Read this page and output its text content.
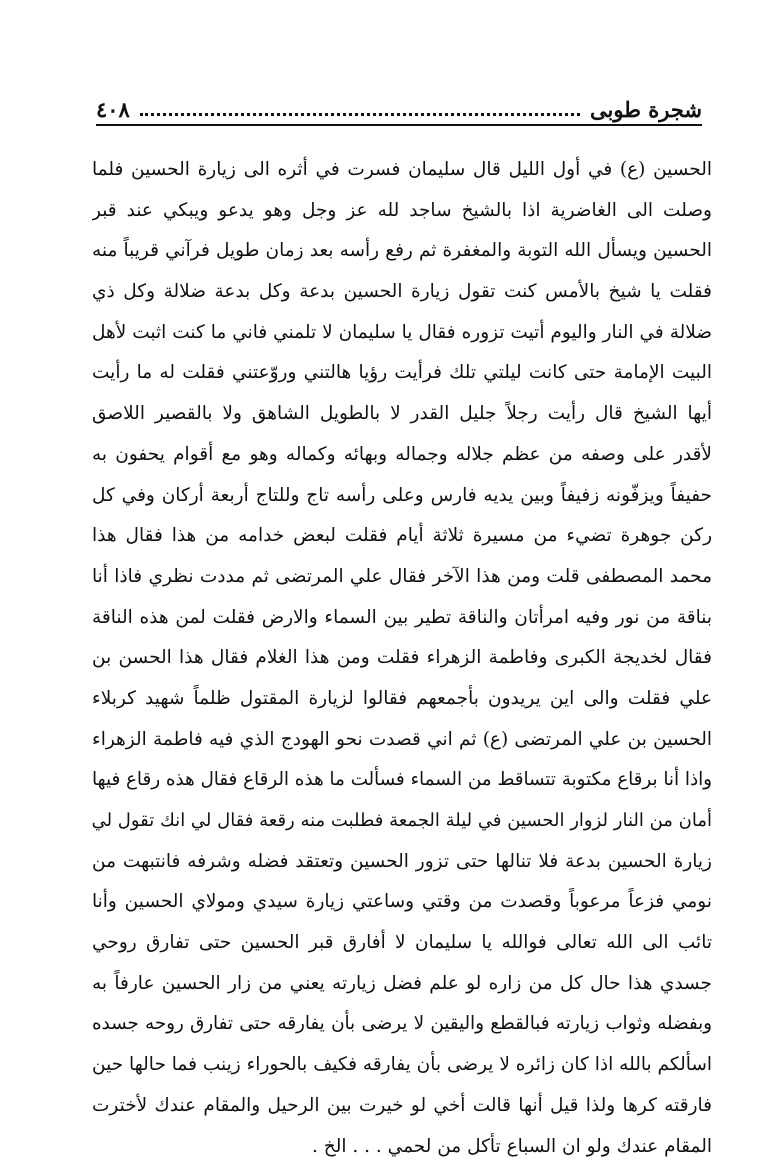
شجرة طوبى
٤٠٨
الحسين (ع) في أول الليل قال سليمان فسرت في أثره الى زيارة الحسين فلما
وصلت الى الغاضرية اذا بالشيخ ساجد لله عز وجل وهو يدعو ويبكي عند قبر
الحسين ويسأل الله التوبة والمغفرة ثم رفع رأسه بعد زمان طويل فرآني قريباً منه
فقلت يا شيخ بالأمس كنت تقول زيارة الحسين بدعة وكل بدعة ضلالة وكل ذي
ضلالة في النار واليوم أتيت تزوره فقال يا سليمان لا تلمني فاني ما كنت اثبت لأهل
البيت الإمامة حتى كانت ليلتي تلك فرأيت رؤيا هالتني وروّعتني فقلت له ما رأيت
أيها الشيخ قال رأيت رجلاً جليل القدر لا بالطويل الشاهق ولا بالقصير اللاصق
لأقدر على وصفه من عظم جلاله وجماله وبهائه وكماله وهو مع أقوام يحفون به
حفيفاً ويزفّونه زفيفاً وبين يديه فارس وعلى رأسه تاج وللتاج أربعة أركان وفي كل
ركن جوهرة تضيء من مسيرة ثلاثة أيام فقلت لبعض خدامه من هذا فقال هذا
محمد المصطفى قلت ومن هذا الآخر فقال علي المرتضى ثم مددت نظري فاذا أنا
بناقة من نور وفيه امرأتان والناقة تطير بين السماء والارض فقلت لمن هذه الناقة
فقال لخديجة الكبرى وفاطمة الزهراء فقلت ومن هذا الغلام فقال هذا الحسن بن
علي فقلت والى اين يريدون بأجمعهم فقالوا لزيارة المقتول ظلماً شهيد كربلاء
الحسين بن علي المرتضى (ع) ثم اني قصدت نحو الهودج الذي فيه فاطمة الزهراء
واذا أنا برقاع مكتوبة تتساقط من السماء فسألت ما هذه الرقاع فقال هذه رقاع فيها
أمان من النار لزوار الحسين في ليلة الجمعة فطلبت منه رقعة فقال لي انك تقول لي
زيارة الحسين بدعة فلا تنالها حتى تزور الحسين وتعتقد فضله وشرفه فانتبهت من
نومي فزعاً مرعوباً وقصدت من وقتي وساعتي زيارة سيدي ومولاي الحسين وأنا
تائب الى الله تعالى فوالله يا سليمان لا أفارق قبر الحسين حتى تفارق روحي
جسدي هذا حال كل من زاره لو علم فضل زيارته يعني من زار الحسين عارفاً به
وبفضله وثواب زيارته فبالقطع واليقين لا يرضى بأن يفارقه حتى تفارق روحه جسده
اسألكم بالله اذا كان زائره لا يرضى بأن يفارقه فكيف بالحوراء زينب فما حالها حين
فارقته كرها ولذا قيل أنها قالت أخي لو خيرت بين الرحيل والمقام عندك لأخترت
المقام عندك ولو ان السباع تأكل من لحمي . . . الخ .
